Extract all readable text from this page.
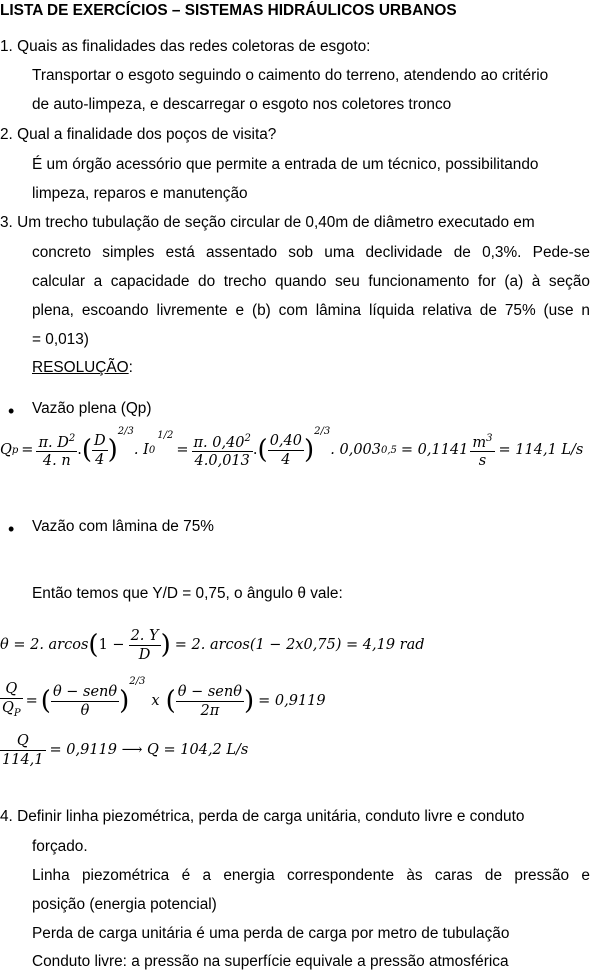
LISTA DE EXERCÍCIOS – SISTEMAS HIDRÁULICOS URBANOS
1. Quais as finalidades das redes coletoras de esgoto:
Transportar o esgoto seguindo o caimento do terreno, atendendo ao critério
de auto-limpeza, e descarregar o esgoto nos coletores tronco
2. Qual a finalidade dos poços de visita?
É um órgão acessório que permite a entrada de um técnico, possibilitando
limpeza, reparos e manutenção
3. Um trecho tubulação de seção circular de 0,40m de diâmetro executado em
concreto simples está assentado sob uma declividade de 0,3%. Pede-se
calcular a capacidade do trecho quando seu funcionamento for (a) à seção
plena, escoando livremente e (b) com lâmina líquida relativa de 75% (use n
= 0,013)
RESOLUÇÃO:
• Vazão plena (Qp)
Q $p = \frac{\pi. D^2}{4. n}$ . ( $\frac{D}{4}$ )
2/3
. I 0
1/2
= $\frac{\pi. 0,40^2}{4.0,013}$ . ( $\frac{0,40}{4}$ )
2/3
. 0,003 $0,5 = 0,1141 \frac{m^3}{s} = 114,1$ L/s
• Vazão com lâmina de 75%
Então temos que Y/D = 0,75, o ângulo θ vale:
θ = 2. arcos ( $1 - \frac{2. Y}{D}$ ) = 2. arcos(1 − 2x0,75) = 4,19 rad
$\frac{Q}{Q_P}$ = ( $\frac{\text{θ − senθ}}{\theta}$ )
2/3
x ( $\frac{\text{θ − senθ}}{2\pi}$ ) = 0,9119
$\frac{Q}{114,1} = 0,9119$ ⟶ Q = 104,2 L/s
4. Definir linha piezométrica, perda de carga unitária, conduto livre e conduto
forçado.
Linha piezométrica é a energia correspondente às caras de pressão e
posição (energia potencial)
Perda de carga unitária é uma perda de carga por metro de tubulação
Conduto livre: a pressão na superfície equivale a pressão atmosférica
